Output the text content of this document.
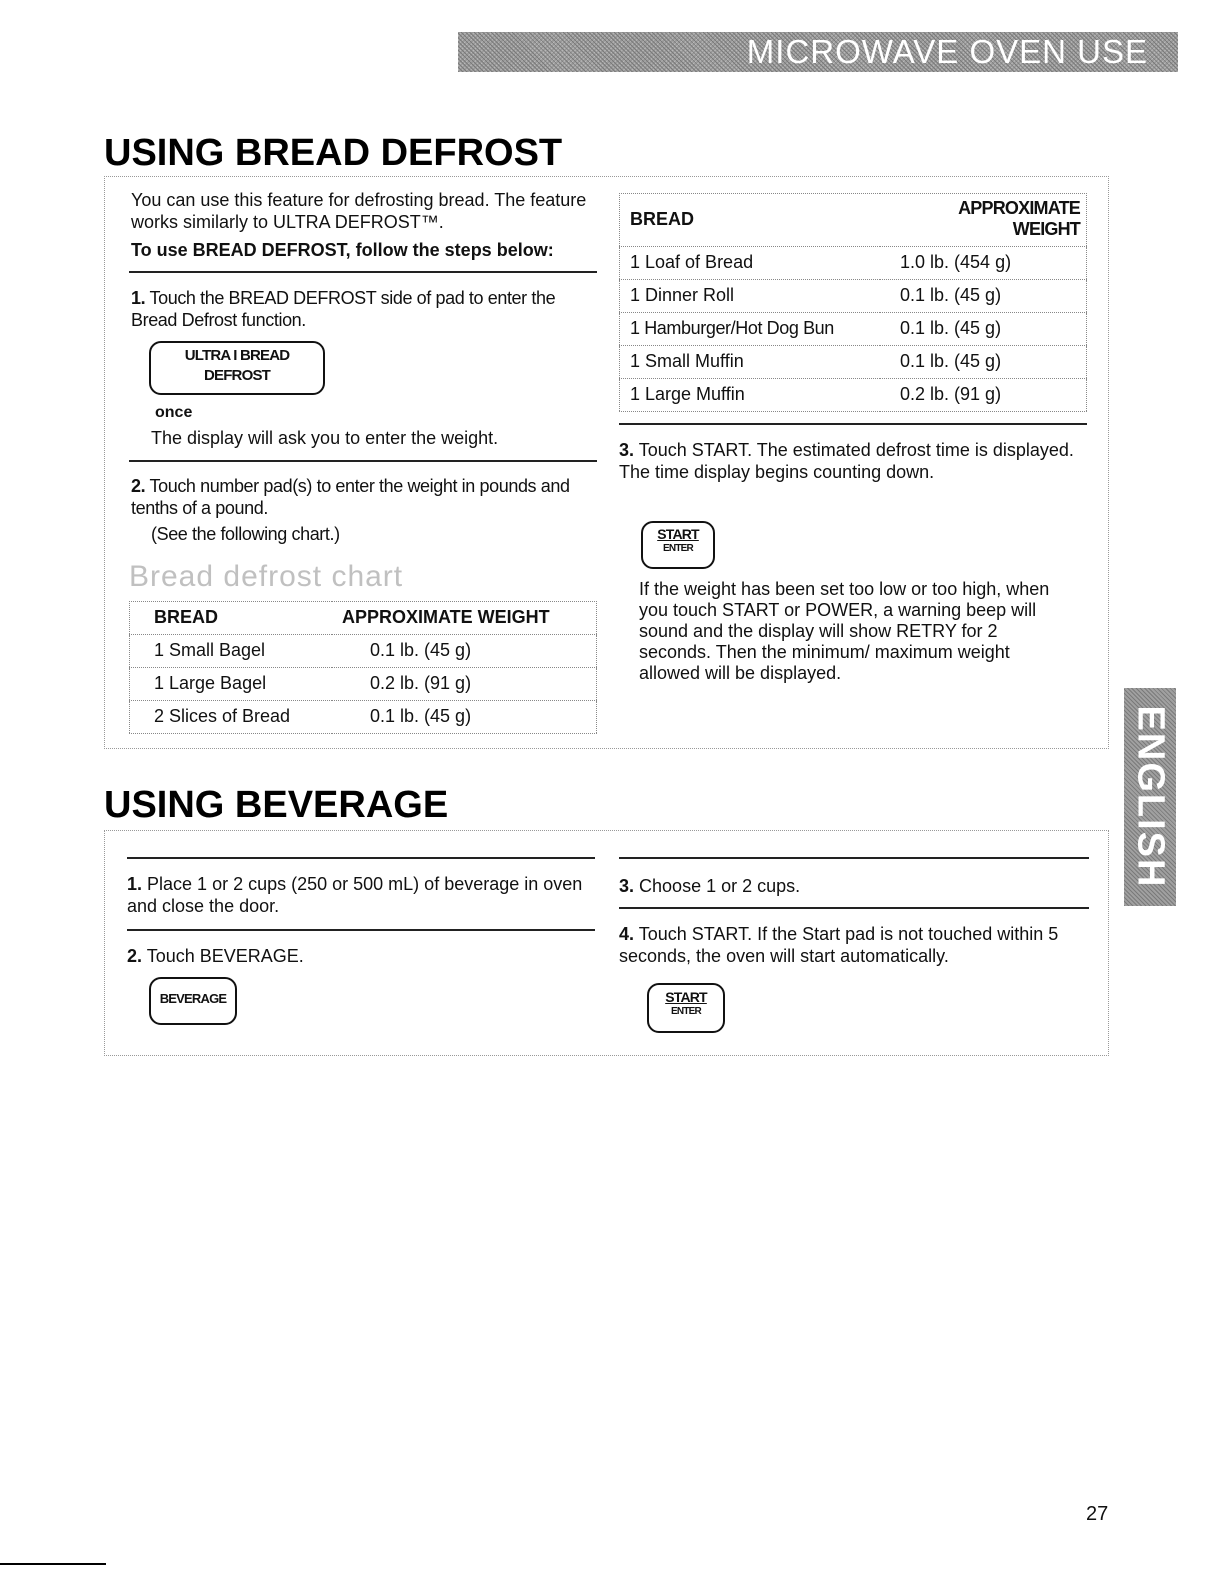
MICROWAVE OVEN USE
USING BREAD DEFROST

You can use this feature for defrosting bread. The feature works similarly to ULTRA DEFROST™.

To use BREAD DEFROST, follow the steps below:

1. Touch the BREAD DEFROST side of pad to enter the Bread Defrost function.

ULTRA I BREAD
DEFROST
once
The display will ask you to enter the weight.

2. Touch number pad(s) to enter the weight in pounds and tenths of a pound.

(See the following chart.)

Bread defrost chart
BREAD	APPROXIMATE WEIGHT
1 Small Bagel	0.1 lb. (45 g)
1 Large Bagel	0.2 lb. (91 g)
2 Slices of Bread	0.1 lb. (45 g)
BREAD	APPROXIMATE WEIGHT
1 Loaf of Bread	1.0 lb. (454 g)
1 Dinner Roll	0.1 lb. (45 g)
1 Hamburger/Hot Dog Bun	0.1 lb. (45 g)
1 Small Muffin	0.1 lb. (45 g)
1 Large Muffin	0.2 lb. (91 g)

3. Touch START. The estimated defrost time is displayed. The time display begins counting down.

START
ENTER
If the weight has been set too low or too high, when you touch START or POWER, a warning beep will sound and the display will show RETRY for 2 seconds. Then the minimum/ maximum weight allowed will be displayed.
USING BEVERAGE

1. Place 1 or 2 cups (250 or 500 mL) of beverage in oven and close the door.

2. Touch BEVERAGE.

BEVERAGE

3. Choose 1 or 2 cups.

4. Touch START. If the Start pad is not touched within 5 seconds, the oven will start automatically.

START
ENTER
ENGLISH
27
